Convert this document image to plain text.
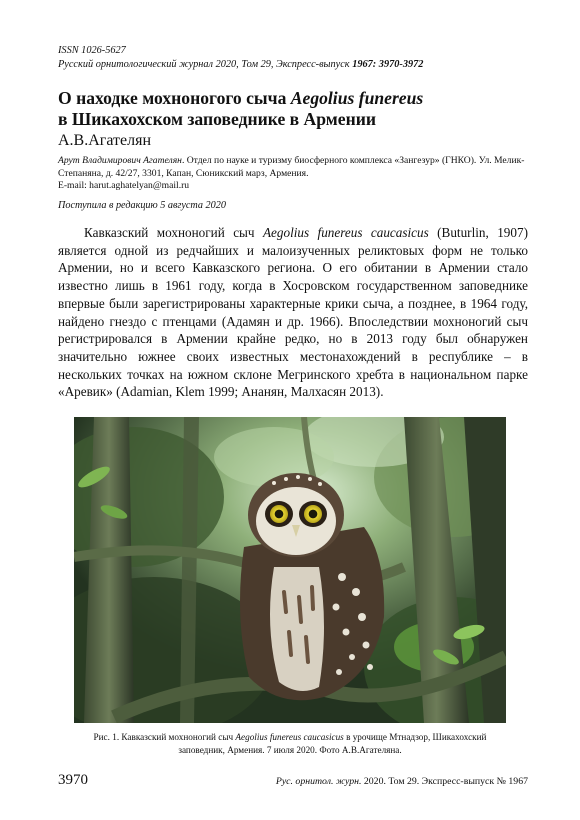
ISSN 1026-5627
Русский орнитологический журнал 2020, Том 29, Экспресс-выпуск 1967: 3970-3972
О находке мохноногого сыча Aegolius funereus
в Шикахохском заповеднике в Армении
А.В.Агателян
Арут Владимирович Агателян. Отдел по науке и туризму биосферного комплекса «Зангезур» (ГНКО). Ул. Мелик-Степаняна, д. 42/27, 3301, Капан, Сюникский марз, Армения.
E-mail: harut.aghatelyan@mail.ru
Поступила в редакцию 5 августа 2020

Кавказский мохноногий сыч Aegolius funereus caucasicus (Buturlin, 1907) является одной из редчайших и малоизученных реликтовых форм не только Армении, но и всего Кавказского региона. О его обитании в Армении стало известно лишь в 1961 году, когда в Хосровском государственном заповеднике впервые были зарегистрированы характерные крики сыча, а позднее, в 1964 году, найдено гнездо с птенцами (Адамян и др. 1966). Впоследствии мохноногий сыч регистрировался в Армении крайне редко, но в 2013 году был обнаружен значительно южнее своих известных местонахождений в республике – в нескольких точках на южном склоне Мегринского хребта в национальном парке «Аревик» (Adamian, Klem 1999; Ананян, Малхасян 2013).

Рис. 1. Кавказский мохноногий сыч Aegolius funereus caucasicus в урочище Мтнадзор, Шикахохский заповедник, Армения. 7 июля 2020. Фото А.В.Агателяна.
3970	Рус. орнитол. журн. 2020. Том 29. Экспресс-выпуск № 1967
